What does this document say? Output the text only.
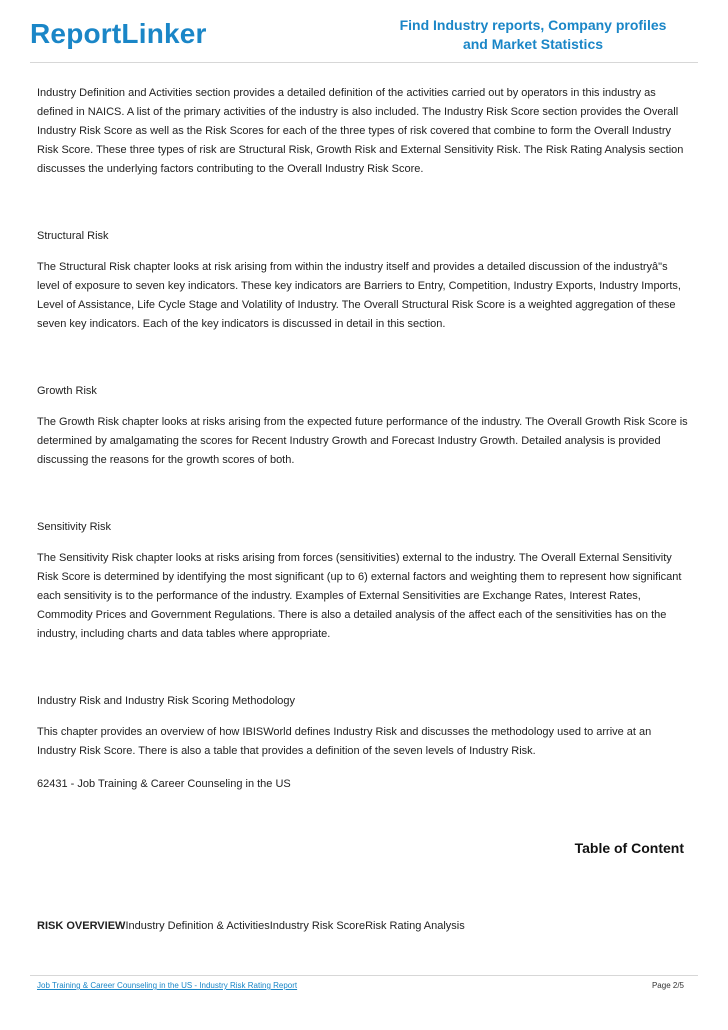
ReportLinker	Find Industry reports, Company profiles
and Market Statistics

Industry Definition and Activities section provides a detailed definition of the activities carried out by operators in this industry as defined in NAICS. A list of the primary activities of the industry is also included. The Industry Risk Score section provides the Overall Industry Risk Score as well as the Risk Scores for each of the three types of risk covered that combine to form the Overall Industry Risk Score. These three types of risk are Structural Risk, Growth Risk and External Sensitivity Risk. The Risk Rating Analysis section discusses the underlying factors contributing to the Overall Industry Risk Score.

Structural Risk

The Structural Risk chapter looks at risk arising from within the industry itself and provides a detailed discussion of the industryâ"s level of exposure to seven key indicators. These key indicators are Barriers to Entry, Competition, Industry Exports, Industry Imports, Level of Assistance, Life Cycle Stage and Volatility of Industry. The Overall Structural Risk Score is a weighted aggregation of these seven key indicators. Each of the key indicators is discussed in detail in this section.

Growth Risk

The Growth Risk chapter looks at risks arising from the expected future performance of the industry. The Overall Growth Risk Score is determined by amalgamating the scores for Recent Industry Growth and Forecast Industry Growth. Detailed analysis is provided discussing the reasons for the growth scores of both.

Sensitivity Risk

The Sensitivity Risk chapter looks at risks arising from forces (sensitivities) external to the industry. The Overall External Sensitivity Risk Score is determined by identifying the most significant (up to 6) external factors and weighting them to represent how significant each sensitivity is to the performance of the industry. Examples of External Sensitivities are Exchange Rates, Interest Rates, Commodity Prices and Government Regulations. There is also a detailed analysis of the affect each of the sensitivities has on the industry, including charts and data tables where appropriate.

Industry Risk and Industry Risk Scoring Methodology

This chapter provides an overview of how IBISWorld defines Industry Risk and discusses the methodology used to arrive at an Industry Risk Score. There is also a table that provides a definition of the seven levels of Industry Risk.

62431 - Job Training & Career Counseling in the US

Table of Content
RISK OVERVIEWIndustry Definition & ActivitiesIndustry Risk ScoreRisk Rating Analysis
Job Training & Career Counseling in the US - Industry Risk Rating Report	Page 2/5
